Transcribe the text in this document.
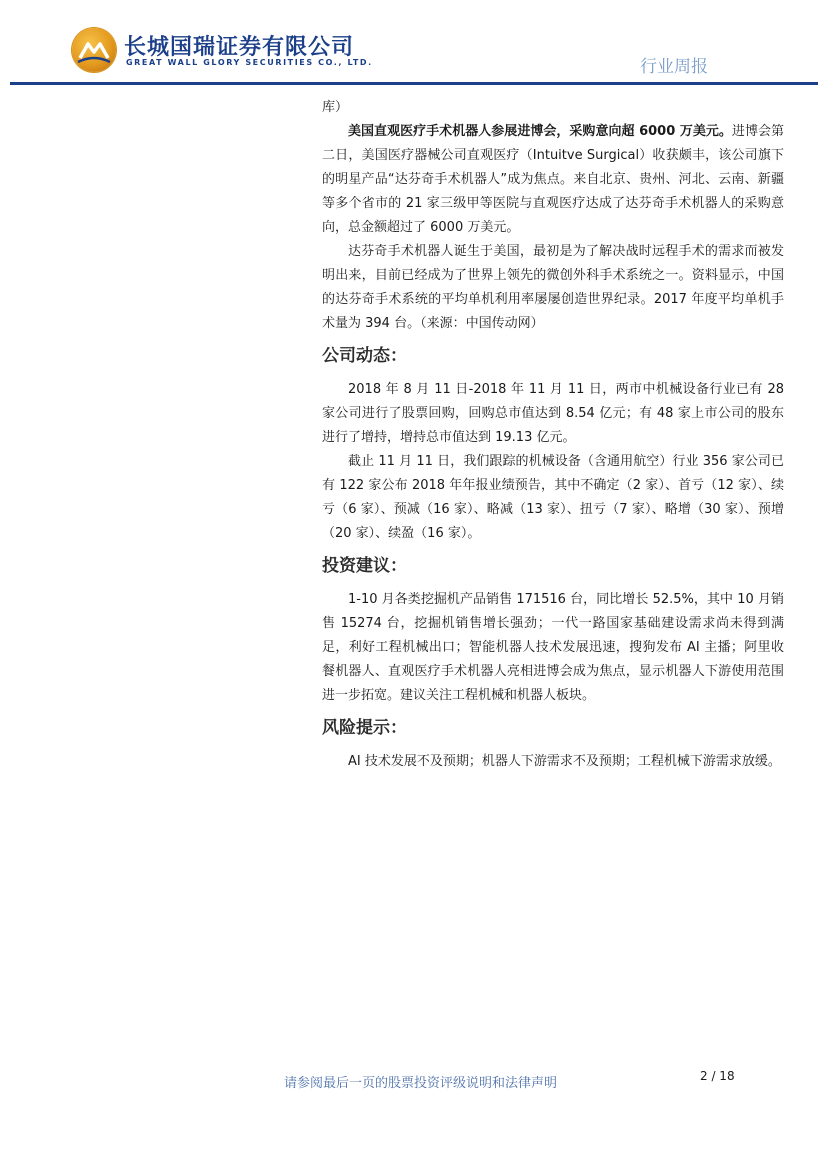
长城国瑞证券有限公司
GREAT WALL GLORY SECURITIES CO., LTD.	行业周报

库）

美国直观医疗手术机器人参展进博会，采购意向超 6000 万美元。进博会第二日，美国医疗器械公司直观医疗（Intuitve Surgical）收获颇丰，该公司旗下的明星产品“达芬奇手术机器人”成为焦点。来自北京、贵州、河北、云南、新疆等多个省市的 21 家三级甲等医院与直观医疗达成了达芬奇手术机器人的采购意向，总金额超过了 6000 万美元。

达芬奇手术机器人诞生于美国，最初是为了解决战时远程手术的需求而被发明出来，目前已经成为了世界上领先的微创外科手术系统之一。资料显示，中国的达芬奇手术系统的平均单机利用率屡屡创造世界纪录。2017 年度平均单机手术量为 394 台。（来源：中国传动网）

公司动态：

2018 年 8 月 11 日-2018 年 11 月 11 日，两市中机械设备行业已有 28 家公司进行了股票回购，回购总市值达到 8.54 亿元；有 48 家上市公司的股东进行了增持，增持总市值达到 19.13 亿元。

截止 11 月 11 日，我们跟踪的机械设备（含通用航空）行业 356 家公司已有 122 家公布 2018 年年报业绩预告，其中不确定（2 家）、首亏（12 家）、续亏（6 家）、预减（16 家）、略减（13 家）、扭亏（7 家）、略增（30 家）、预增（20 家）、续盈（16 家）。

投资建议：

1-10 月各类挖掘机产品销售 171516 台，同比增长 52.5%，其中 10 月销售 15274 台，挖掘机销售增长强劲；一代一路国家基础建设需求尚未得到满足，利好工程机械出口；智能机器人技术发展迅速，搜狗发布 AI 主播；阿里收餐机器人、直观医疗手术机器人亮相进博会成为焦点，显示机器人下游使用范围进一步拓宽。建议关注工程机械和机器人板块。

风险提示：

AI 技术发展不及预期；机器人下游需求不及预期；工程机械下游需求放缓。

请参阅最后一页的股票投资评级说明和法律声明	2 / 18
